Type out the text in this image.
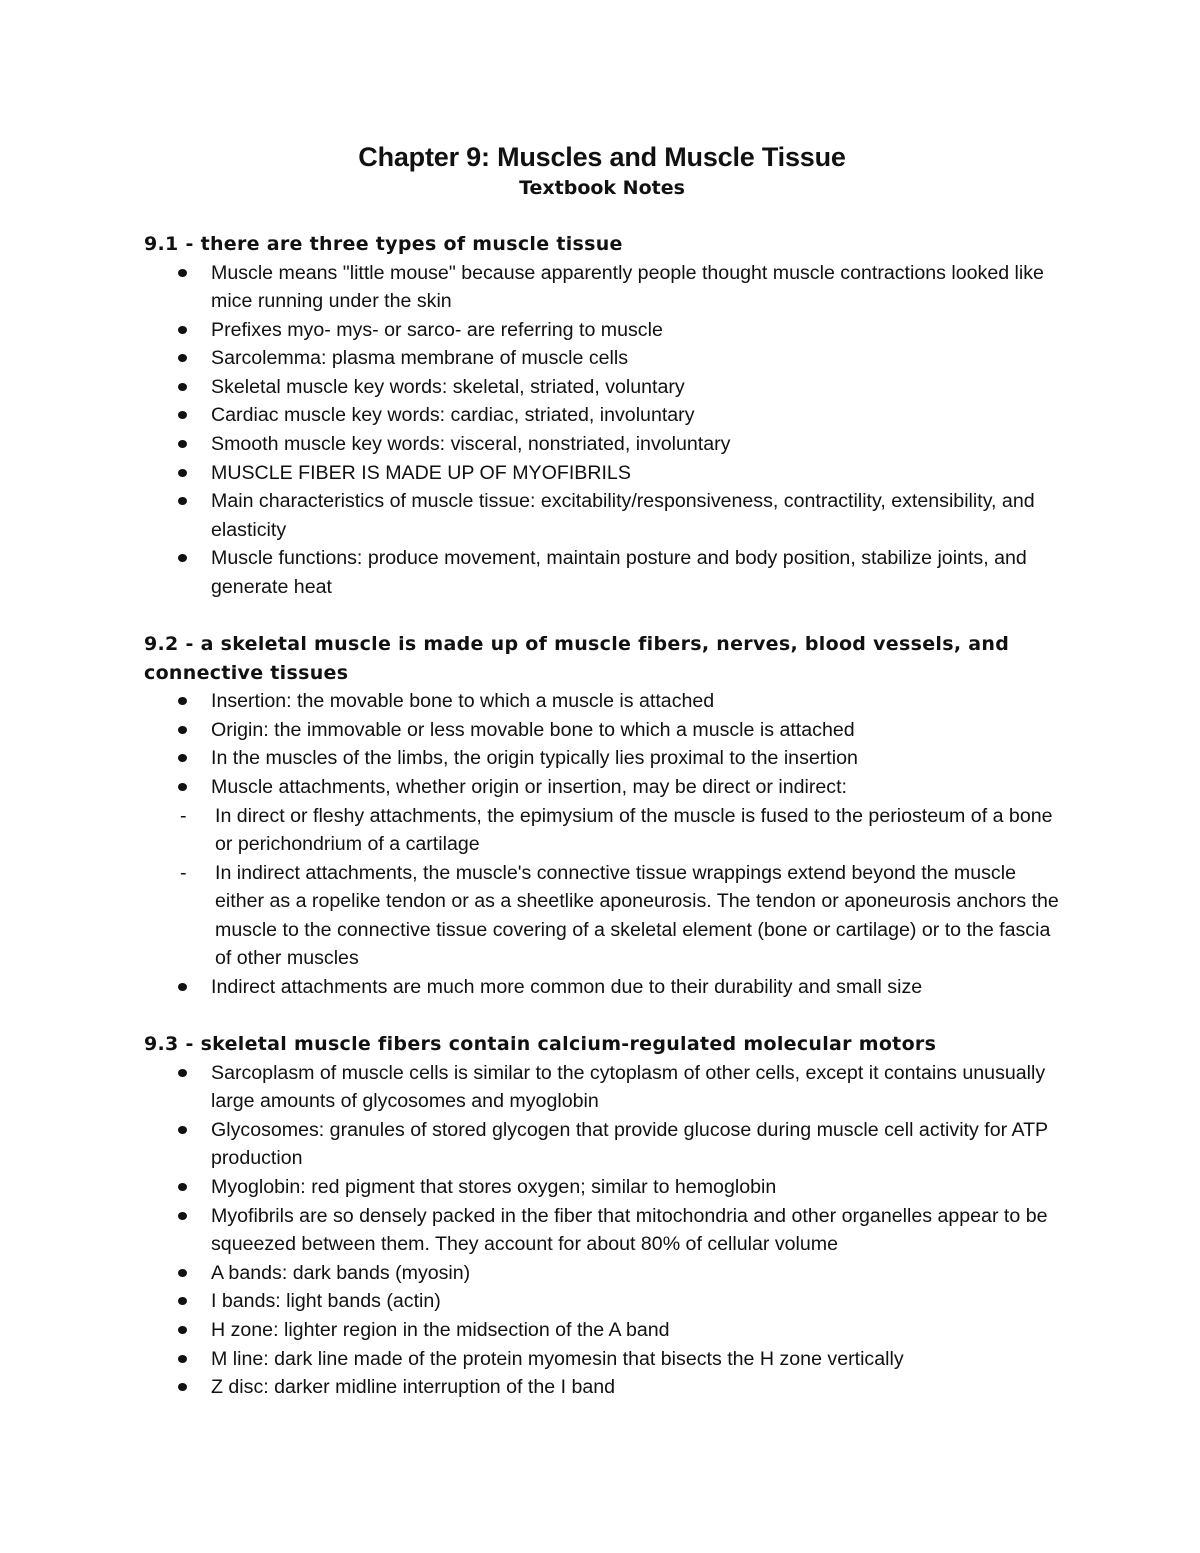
Chapter 9: Muscles and Muscle Tissue
Textbook Notes
9.1 - there are three types of muscle tissue
Muscle means "little mouse" because apparently people thought muscle contractions looked like mice running under the skin
Prefixes myo- mys- or sarco- are referring to muscle
Sarcolemma: plasma membrane of muscle cells
Skeletal muscle key words: skeletal, striated, voluntary
Cardiac muscle key words: cardiac, striated, involuntary
Smooth muscle key words: visceral, nonstriated, involuntary
MUSCLE FIBER IS MADE UP OF MYOFIBRILS
Main characteristics of muscle tissue: excitability/responsiveness, contractility, extensibility, and elasticity
Muscle functions: produce movement, maintain posture and body position, stabilize joints, and generate heat
9.2 - a skeletal muscle is made up of muscle fibers, nerves, blood vessels, and connective tissues
Insertion: the movable bone to which a muscle is attached
Origin: the immovable or less movable bone to which a muscle is attached
In the muscles of the limbs, the origin typically lies proximal to the insertion
Muscle attachments, whether origin or insertion, may be direct or indirect:
- In direct or fleshy attachments, the epimysium of the muscle is fused to the periosteum of a bone or perichondrium of a cartilage
- In indirect attachments, the muscle's connective tissue wrappings extend beyond the muscle either as a ropelike tendon or as a sheetlike aponeurosis. The tendon or aponeurosis anchors the muscle to the connective tissue covering of a skeletal element (bone or cartilage) or to the fascia of other muscles
Indirect attachments are much more common due to their durability and small size
9.3 - skeletal muscle fibers contain calcium-regulated molecular motors
Sarcoplasm of muscle cells is similar to the cytoplasm of other cells, except it contains unusually large amounts of glycosomes and myoglobin
Glycosomes: granules of stored glycogen that provide glucose during muscle cell activity for ATP production
Myoglobin: red pigment that stores oxygen; similar to hemoglobin
Myofibrils are so densely packed in the fiber that mitochondria and other organelles appear to be squeezed between them. They account for about 80% of cellular volume
A bands: dark bands (myosin)
I bands: light bands (actin)
H zone: lighter region in the midsection of the A band
M line: dark line made of the protein myomesin that bisects the H zone vertically
Z disc: darker midline interruption of the I band
